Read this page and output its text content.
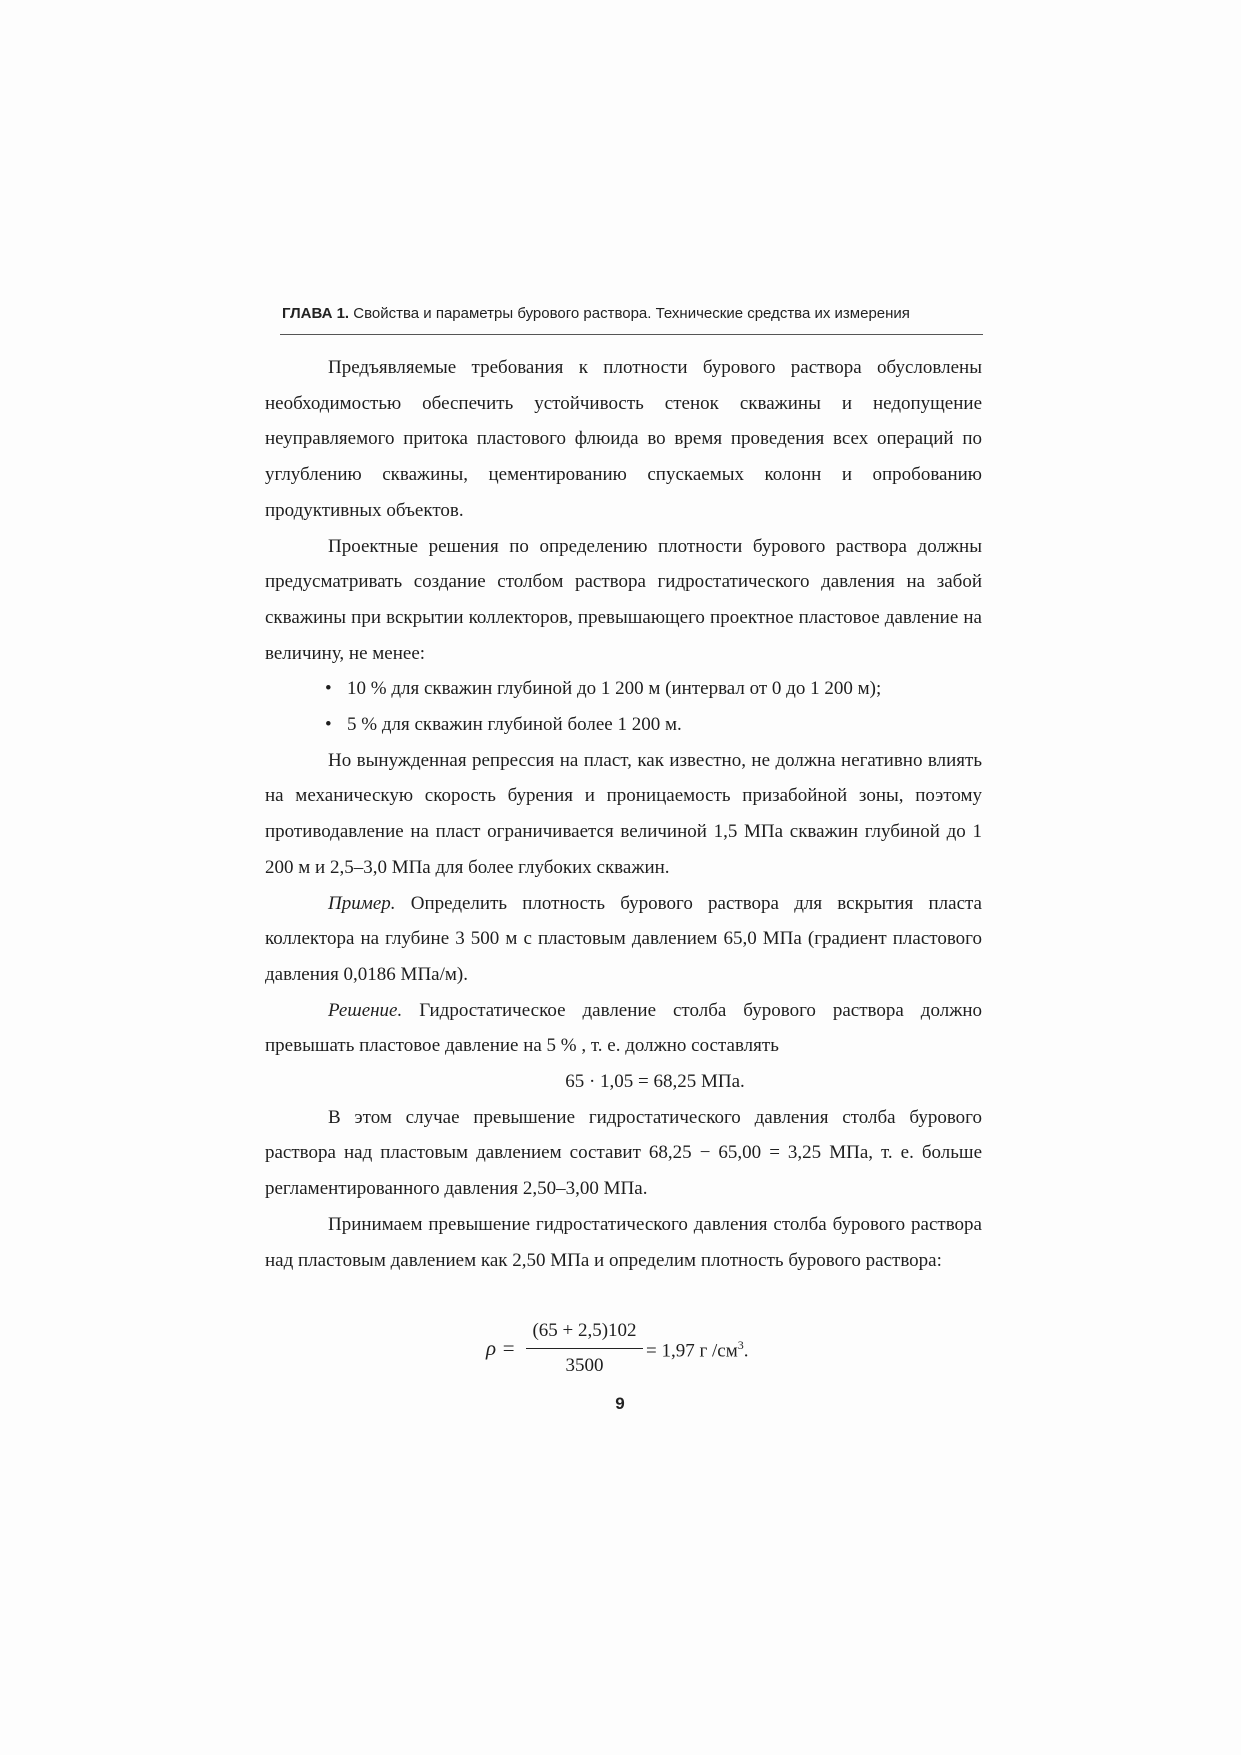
ГЛАВА 1. Свойства и параметры бурового раствора. Технические средства их измерения

Предъявляемые требования к плотности бурового раствора обусловлены необходимостью обеспечить устойчивость стенок скважины и недопущение неуправляемого притока пластового флюида во время проведения всех операций по углублению скважины, цементированию спускаемых колонн и опробованию продуктивных объектов.

Проектные решения по определению плотности бурового раствора должны предусматривать создание столбом раствора гидростатического давления на забой скважины при вскрытии коллекторов, превышающего проектное пластовое давление на величину, не менее:

• 10 % для скважин глубиной до 1 200 м (интервал от 0 до 1 200 м);
• 5 % для скважин глубиной более 1 200 м.

Но вынужденная репрессия на пласт, как известно, не должна негативно влиять на механическую скорость бурения и проницаемость призабойной зоны, поэтому противодавление на пласт ограничивается величиной 1,5 МПа скважин глубиной до 1 200 м и 2,5–3,0 МПа для более глубоких скважин.

Пример. Определить плотность бурового раствора для вскрытия пласта коллектора на глубине 3 500 м с пластовым давлением 65,0 МПа (градиент пластового давления 0,0186 МПа/м).

Решение. Гидростатическое давление столба бурового раствора должно превышать пластовое давление на 5 % , т. е. должно составлять

65 · 1,05 = 68,25 МПа.

В этом случае превышение гидростатического давления столба бурового раствора над пластовым давлением составит 68,25 − 65,00 = 3,25 МПа, т. е. больше регламентированного давления 2,50–3,00 МПа.

Принимаем превышение гидростатического давления столба бурового раствора над пластовым давлением как 2,50 МПа и определим плотность бурового раствора:

ρ =
(65 + 2,5)102
3500
= 1,97 г $/см^3$.
9
